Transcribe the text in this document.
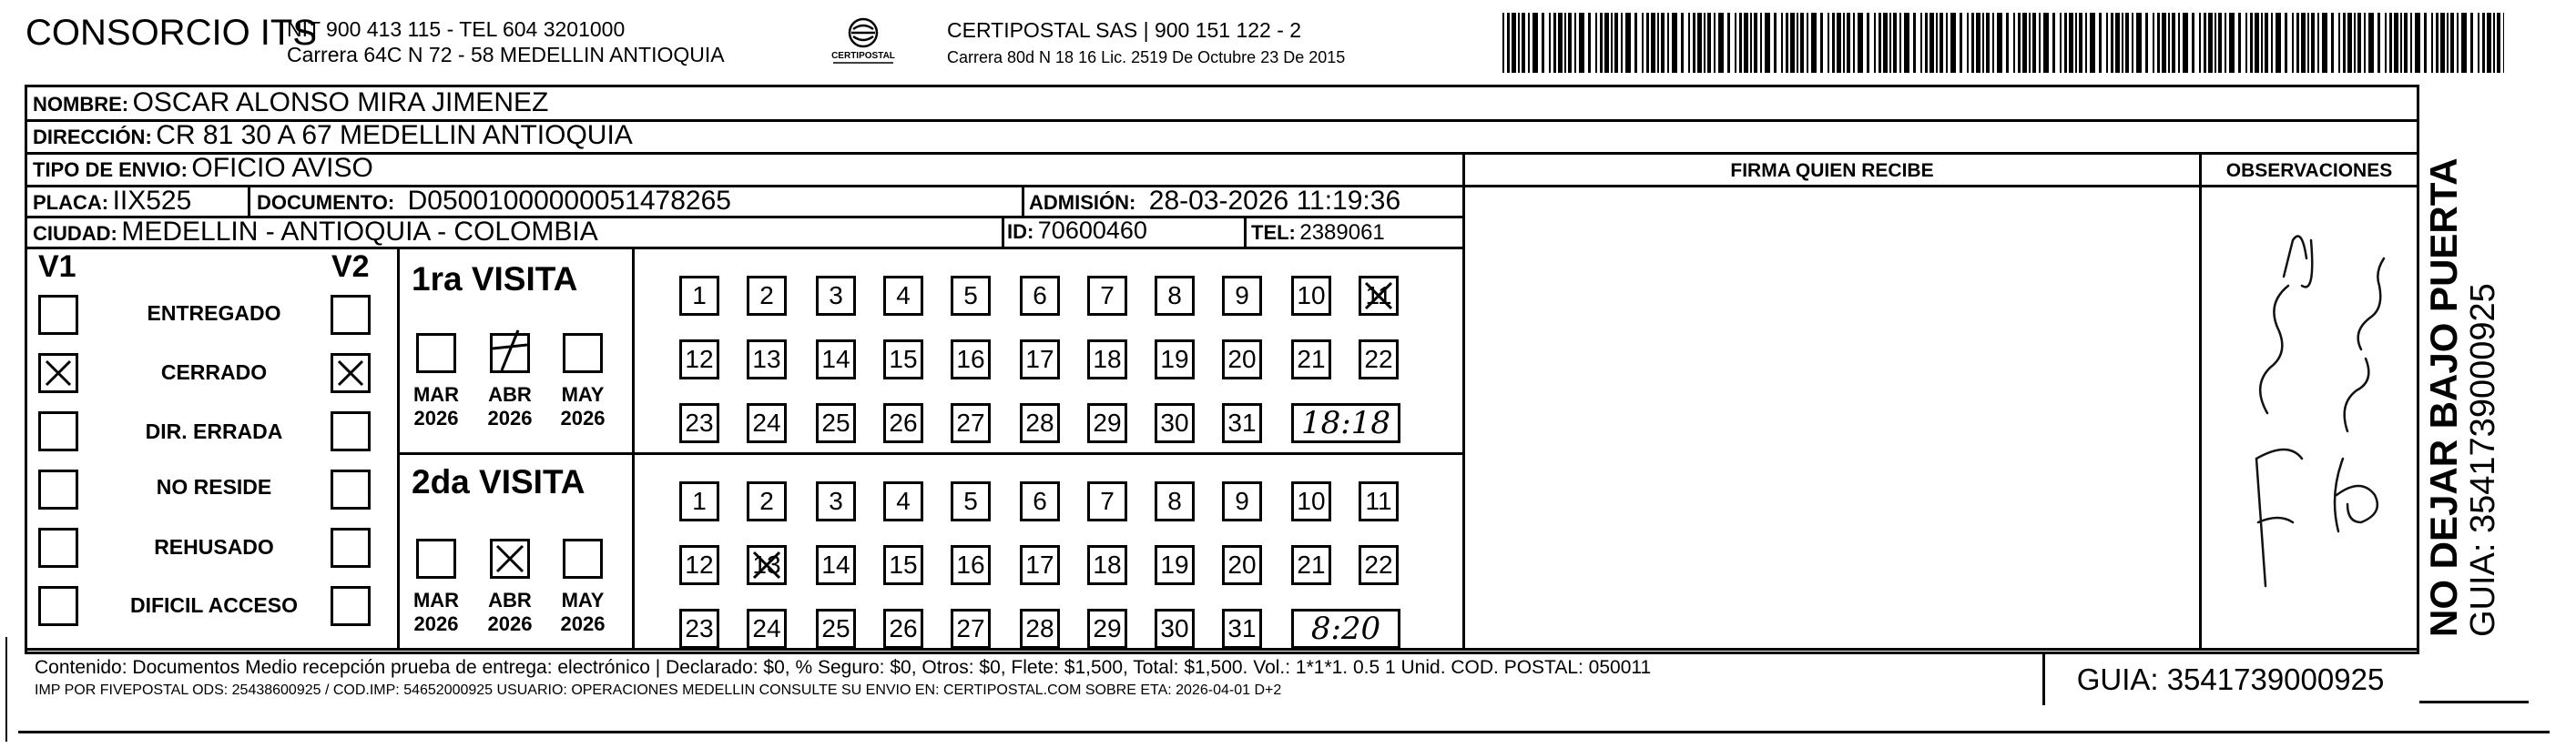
CONSORCIO ITS
NIT 900 413 115 - TEL 604 3201000
Carrera 64C N 72 - 58 MEDELLIN ANTIOQUIA	CERTIPOSTAL
CERTIPOSTAL SAS | 900 151 122 - 2
Carrera 80d N 18 16 Lic. 2519 De Octubre 23 De 2015
NOMBRE: OSCAR ALONSO MIRA JIMENEZ
DIRECCIÓN: CR 81 30 A 67 MEDELLIN ANTIOQUIA
TIPO DE ENVIO: OFICIO AVISO	FIRMA QUIEN RECIBE	OBSERVACIONES
PLACA: IIX525	DOCUMENTO: D05001000000051478265	ADMISIÓN: 28-03-2026 11:19:36
CIUDAD: MEDELLIN - ANTIOQUIA - COLOMBIA	ID: 70600460	TEL: 2389061
V1	V2
ENTREGADO
CERRADO
DIR. ERRADA
NO RESIDE
REHUSADO
DIFICIL ACCESO
1ra VISITA
2da VISITA
MAR
2026
ABR
2026
MAY
2026
1	2	3	4	5	6	7	8	9	10 11
12 13 14 15 16 17 18 19 20 21 22
23 24 25 26 27 28 29 30 31	18:18
MAR
2026
ABR
2026
MAY
2026
1	2	3	4	5	6	7	8	9	10 11
12 13 14 15 16 17 18 19 20 21 22
23 24 25 26 27 28 29 30 31	8:20
Contenido: Documentos Medio recepción prueba de entrega: electrónico | Declarado: $0, % Seguro: $0, Otros: $0, Flete: $1,500, Total: $1,500. Vol.: 1*1*1. 0.5 1 Unid. COD. POSTAL: 050011
IMP POR FIVEPOSTAL ODS: 25438600925 / COD.IMP: 54652000925 USUARIO: OPERACIONES MEDELLIN CONSULTE SU ENVIO EN: CERTIPOSTAL.COM SOBRE ETA: 2026-04-01 D+2	GUIA: 3541739000925
NO DEJAR BAJO PUERTA GUIA: 3541739000925
